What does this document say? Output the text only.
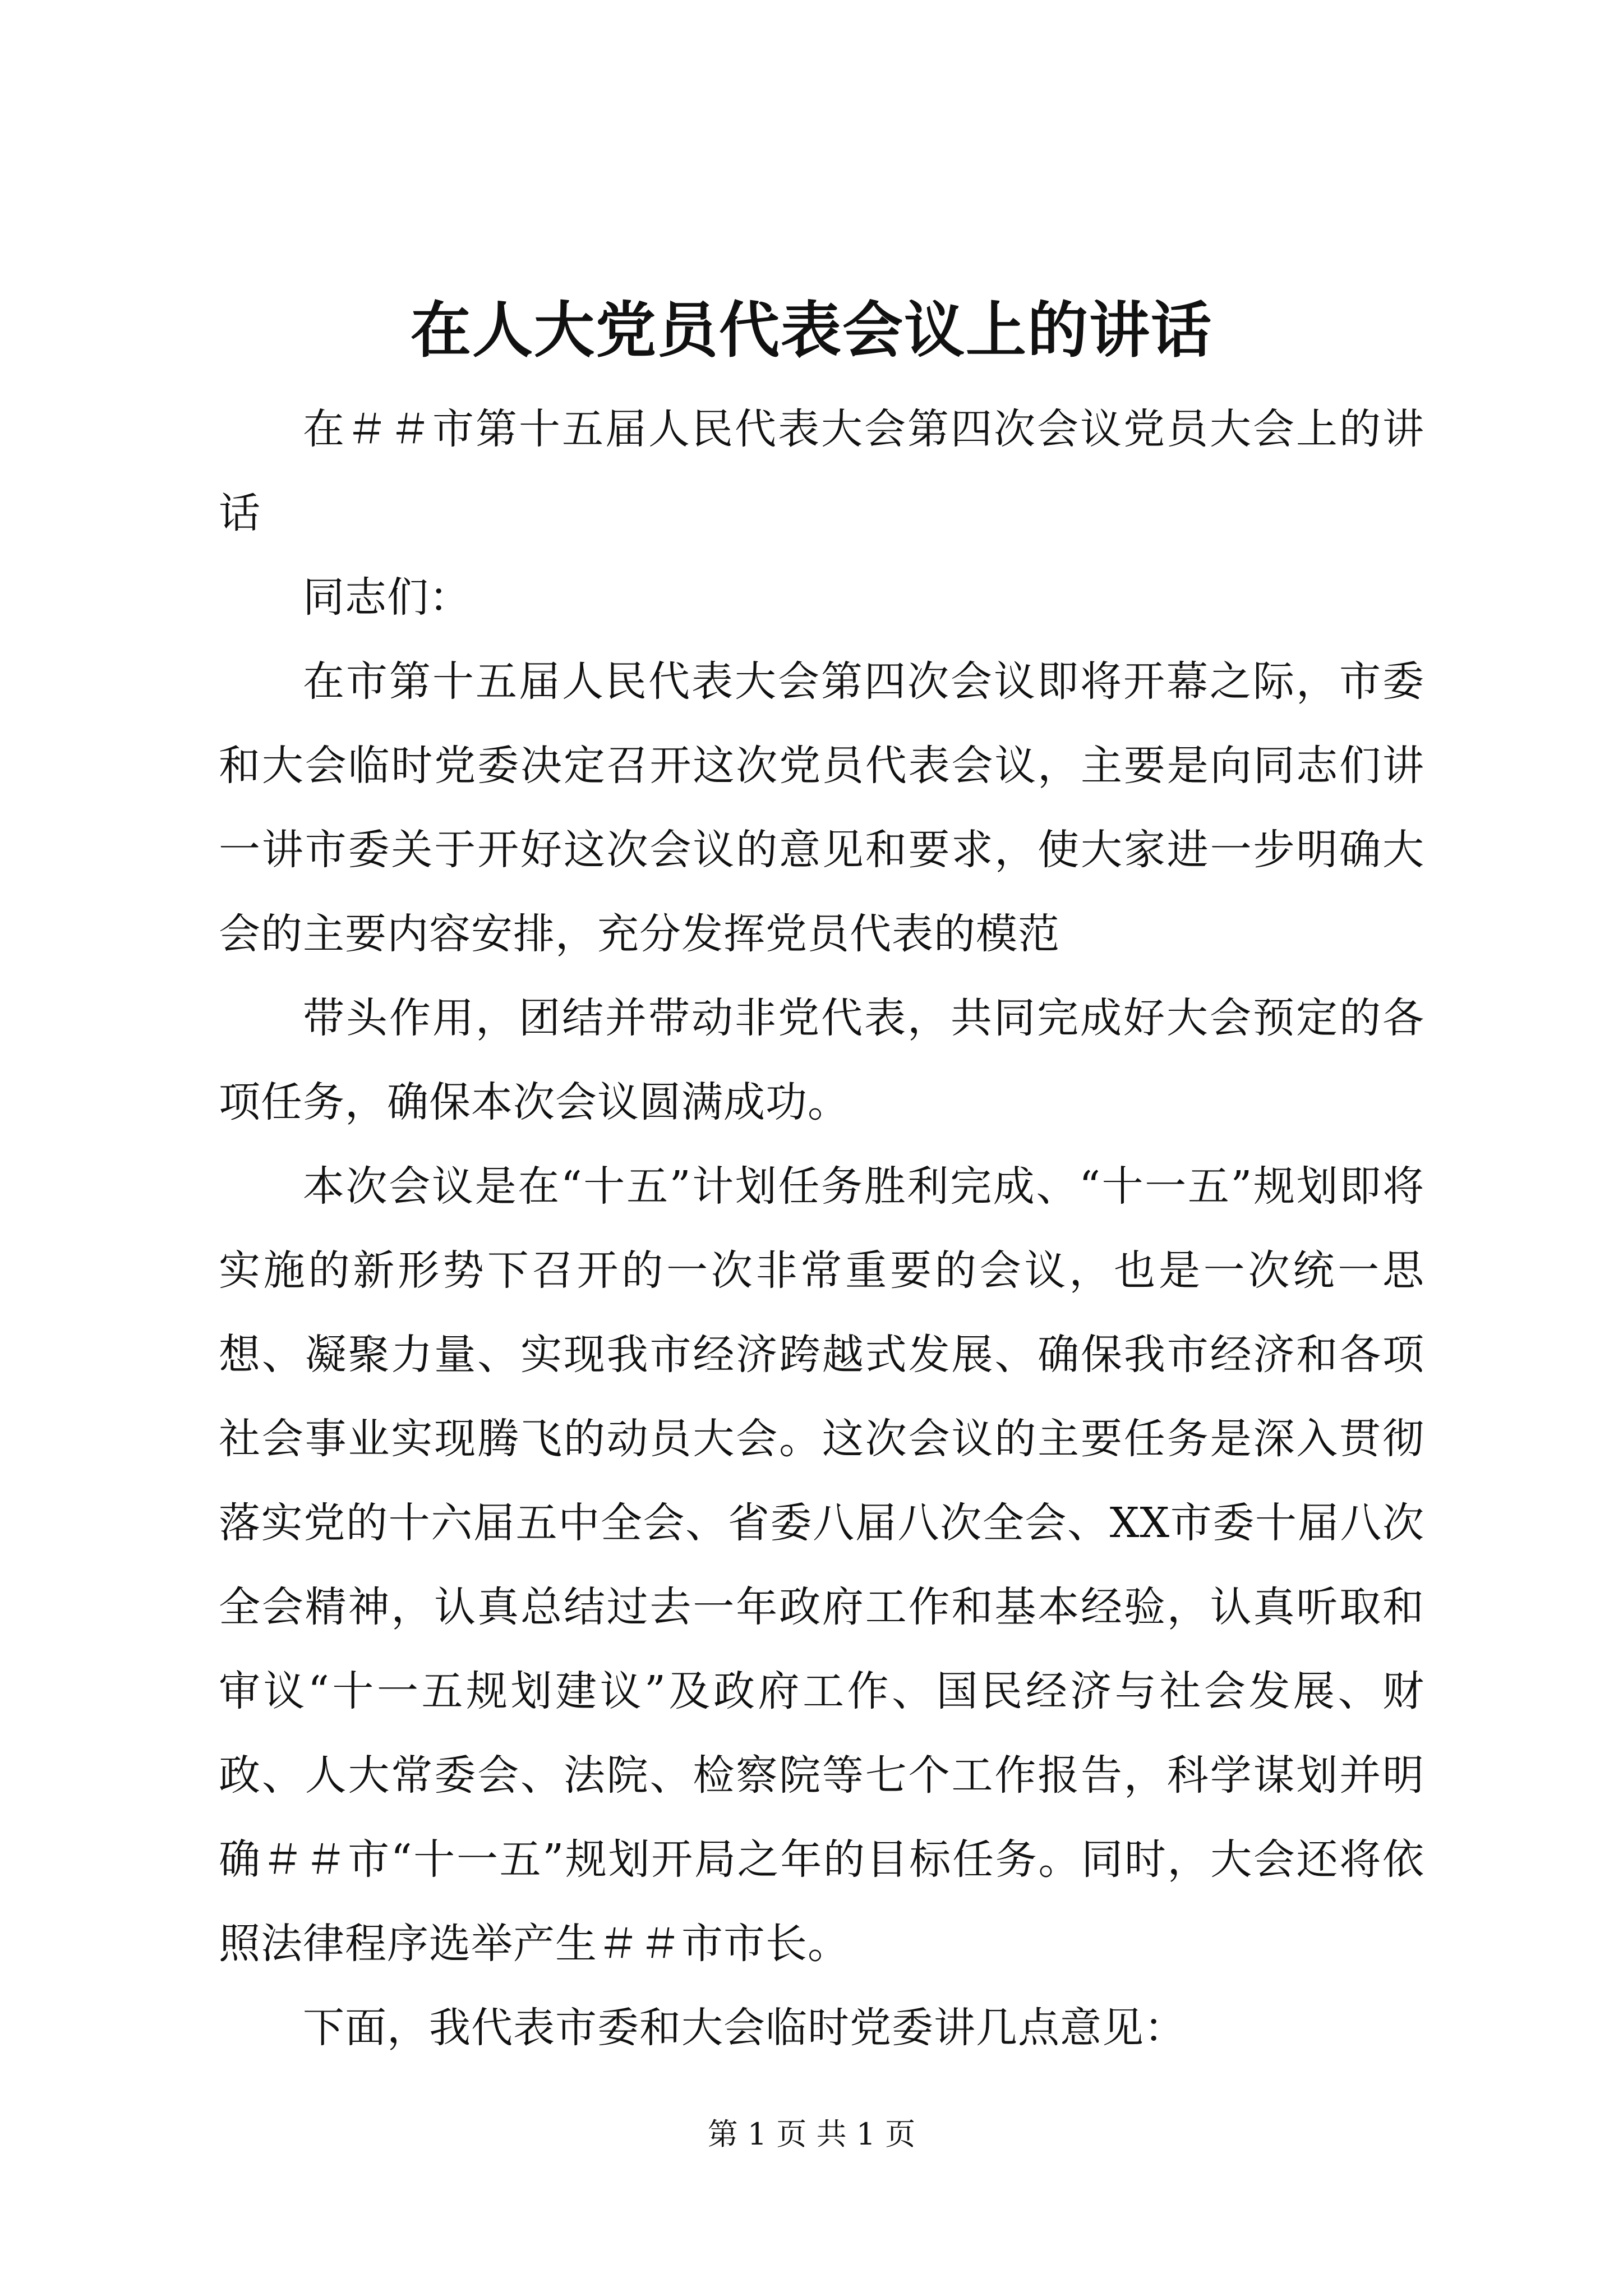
在人大党员代表会议上的讲话

在＃＃市第十五届人民代表大会第四次会议党员大会上的讲话

同志们：

在市第十五届人民代表大会第四次会议即将开幕之际，市委和大会临时党委决定召开这次党员代表会议，主要是向同志们讲一讲市委关于开好这次会议的意见和要求，使大家进一步明确大会的主要内容安排，充分发挥党员代表的模范

带头作用，团结并带动非党代表，共同完成好大会预定的各项任务，确保本次会议圆满成功。

本次会议是在“十五”计划任务胜利完成、“十一五”规划即将实施的新形势下召开的一次非常重要的会议，也是一次统一思想、凝聚力量、实现我市经济跨越式发展、确保我市经济和各项社会事业实现腾飞的动员大会。这次会议的主要任务是深入贯彻落实党的十六届五中全会、省委八届八次全会、XX市委十届八次全会精神，认真总结过去一年政府工作和基本经验，认真听取和审议“十一五规划建议”及政府工作、国民经济与社会发展、财政、人大常委会、法院、检察院等七个工作报告，科学谋划并明确＃＃市“十一五”规划开局之年的目标任务。同时，大会还将依照法律程序选举产生＃＃市市长。

下面，我代表市委和大会临时党委讲几点意见：

第 1 页 共 1 页
